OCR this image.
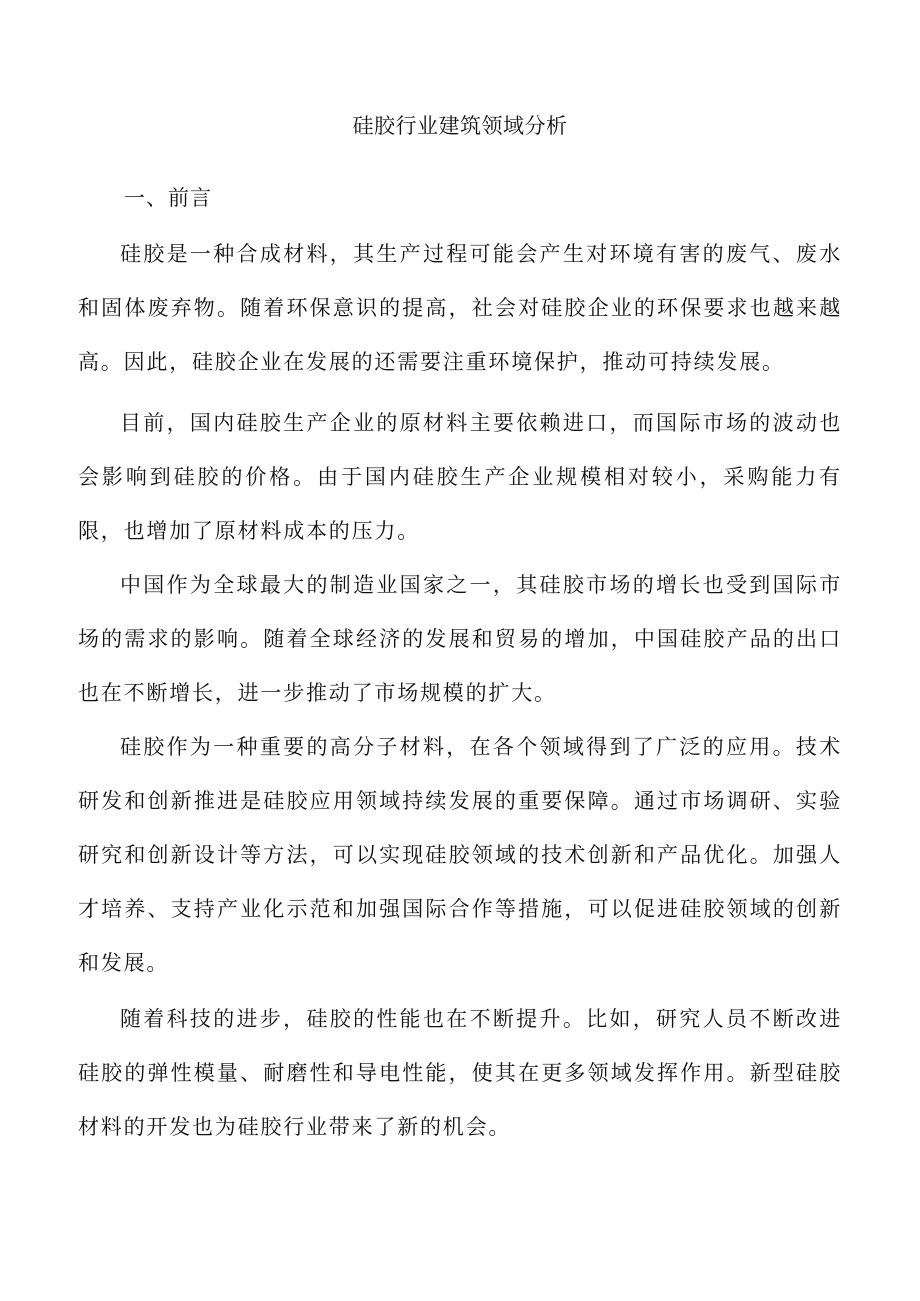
硅胶行业建筑领域分析
一、前言

硅胶是一种合成材料，其生产过程可能会产生对环境有害的废气、废水和固体废弃物。随着环保意识的提高，社会对硅胶企业的环保要求也越来越高。因此，硅胶企业在发展的还需要注重环境保护，推动可持续发展。

目前，国内硅胶生产企业的原材料主要依赖进口，而国际市场的波动也会影响到硅胶的价格。由于国内硅胶生产企业规模相对较小，采购能力有限，也增加了原材料成本的压力。

中国作为全球最大的制造业国家之一，其硅胶市场的增长也受到国际市场的需求的影响。随着全球经济的发展和贸易的增加，中国硅胶产品的出口也在不断增长，进一步推动了市场规模的扩大。

硅胶作为一种重要的高分子材料，在各个领域得到了广泛的应用。技术研发和创新推进是硅胶应用领域持续发展的重要保障。通过市场调研、实验研究和创新设计等方法，可以实现硅胶领域的技术创新和产品优化。加强人才培养、支持产业化示范和加强国际合作等措施，可以促进硅胶领域的创新和发展。

随着科技的进步，硅胶的性能也在不断提升。比如，研究人员不断改进硅胶的弹性模量、耐磨性和导电性能，使其在更多领域发挥作用。新型硅胶材料的开发也为硅胶行业带来了新的机会。
